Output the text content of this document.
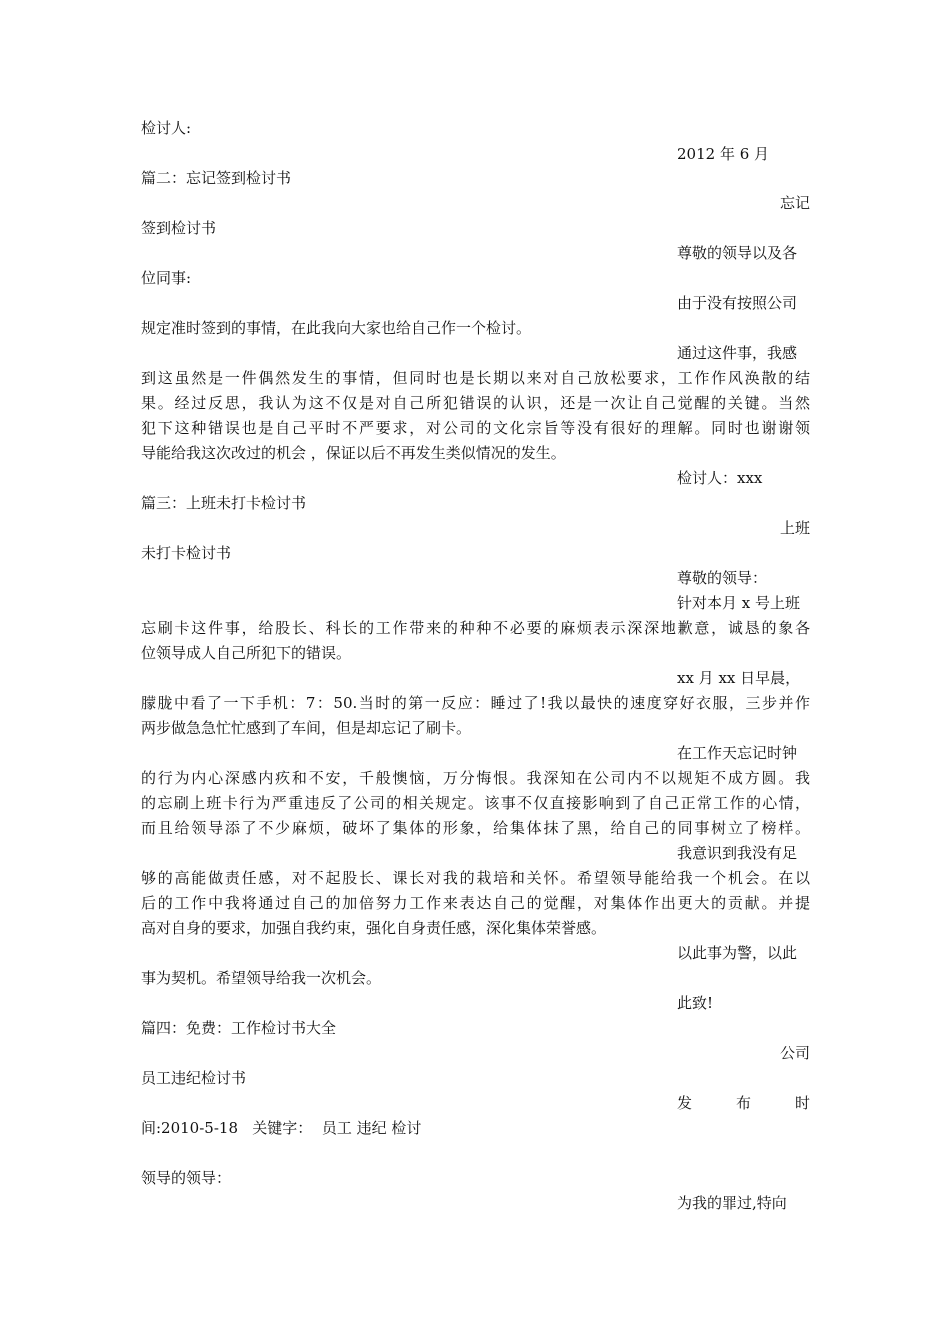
检讨人:
2012 年 6 月
篇二：忘记签到检讨书
忘记
签到检讨书
尊敬的领导以及各
位同事:
由于没有按照公司
规定准时签到的事情，在此我向大家也给自己作一个检讨。
通过这件事，我感
到这虽然是一件偶然发生的事情，但同时也是长期以来对自己放松要求，工作作风涣散的结
果。经过反思，我认为这不仅是对自己所犯错误的认识，还是一次让自己觉醒的关键。当然
犯下这种错误也是自己平时不严要求，对公司的文化宗旨等没有很好的理解。同时也谢谢领
导能给我这次改过的机会 ，保证以后不再发生类似情况的发生。
检讨人：xxx
篇三：上班未打卡检讨书
上班
未打卡检讨书
尊敬的领导：
针对本月 x 号上班
忘刷卡这件事，给股长、科长的工作带来的种种不必要的麻烦表示深深地歉意，诚恳的象各
位领导成人自己所犯下的错误。
xx 月 xx 日早晨，
朦胧中看了一下手机：7：50.当时的第一反应：睡过了!我以最快的速度穿好衣服，三步并作
两步做急急忙忙感到了车间，但是却忘记了刷卡。
在工作天忘记时钟
的行为内心深感内疚和不安，千般懊恼，万分悔恨。我深知在公司内不以规矩不成方圆。我
的忘刷上班卡行为严重违反了公司的相关规定。该事不仅直接影响到了自己正常工作的心情，
而且给领导添了不少麻烦，破坏了集体的形象，给集体抹了黑，给自己的同事树立了榜样。
我意识到我没有足
够的高能做责任感，对不起股长、课长对我的栽培和关怀。希望领导能给我一个机会。在以
后的工作中我将通过自己的加倍努力工作来表达自己的觉醒，对集体作出更大的贡献。并提
高对自身的要求，加强自我约束，强化自身责任感，深化集体荣誉感。
以此事为警，以此
事为契机。希望领导给我一次机会。
此致!
篇四：免费：工作检讨书大全
公司
员工违纪检讨书
发	布	时
间:2010-5-18   关键字：  员工 违纪 检讨
领导的领导：
为我的罪过,特向
